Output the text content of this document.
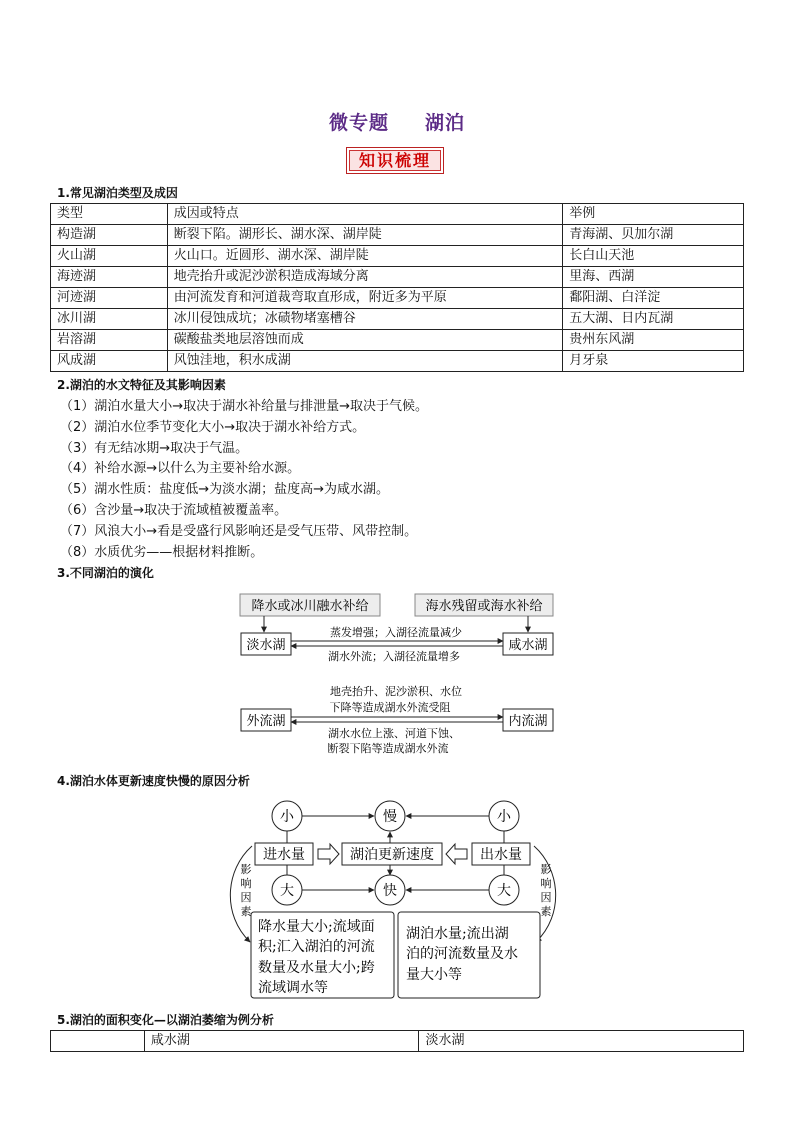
微专题 湖泊
知识梳理
1.常见湖泊类型及成因
类型	成因或特点	举例
构造湖	断裂下陷。湖形长、湖水深、湖岸陡	青海湖、贝加尔湖
火山湖	火山口。近圆形、湖水深、湖岸陡	长白山天池
海迹湖	地壳抬升或泥沙淤积造成海域分离	里海、西湖
河迹湖	由河流发育和河道裁弯取直形成，附近多为平原	鄱阳湖、白洋淀
冰川湖	冰川侵蚀成坑；冰碛物堵塞槽谷	五大湖、日内瓦湖
岩溶湖	碳酸盐类地层溶蚀而成	贵州东风湖
风成湖	风蚀洼地，积水成湖	月牙泉
2.湖泊的水文特征及其影响因素
（1）湖泊水量大小→取决于湖水补给量与排泄量→取决于气候。
（2）湖泊水位季节变化大小→取决于湖水补给方式。
（3）有无结冰期→取决于气温。
（4）补给水源→以什么为主要补给水源。
（5）湖水性质：盐度低→为淡水湖；盐度高→为咸水湖。
（6）含沙量→取决于流域植被覆盖率。
（7）风浪大小→看是受盛行风影响还是受气压带、风带控制。
（8）水质优劣——根据材料推断。
3.不同湖泊的演化
降水或冰川融水补给	海水残留或海水补给
淡水湖	咸水湖
蒸发增强；入湖径流量减少
湖水外流；入湖径流量增多
地壳抬升、泥沙淤积、水位
下降等造成湖水外流受阻
外流湖	内流湖
湖水水位上涨、河道下蚀、
断裂下陷等造成湖水外流
小	慢	小
进水量	湖泊更新速度	出水量
大	快	大
影
响
因
素
影
响
因
素
降水量大小;流域面
积;汇入湖泊的河流
数量及水量大小;跨
流域调水等
湖泊水量;流出湖
泊的河流数量及水
量大小等
4.湖泊水体更新速度快慢的原因分析
5.湖泊的面积变化—以湖泊萎缩为例分析
	咸水湖	淡水湖
